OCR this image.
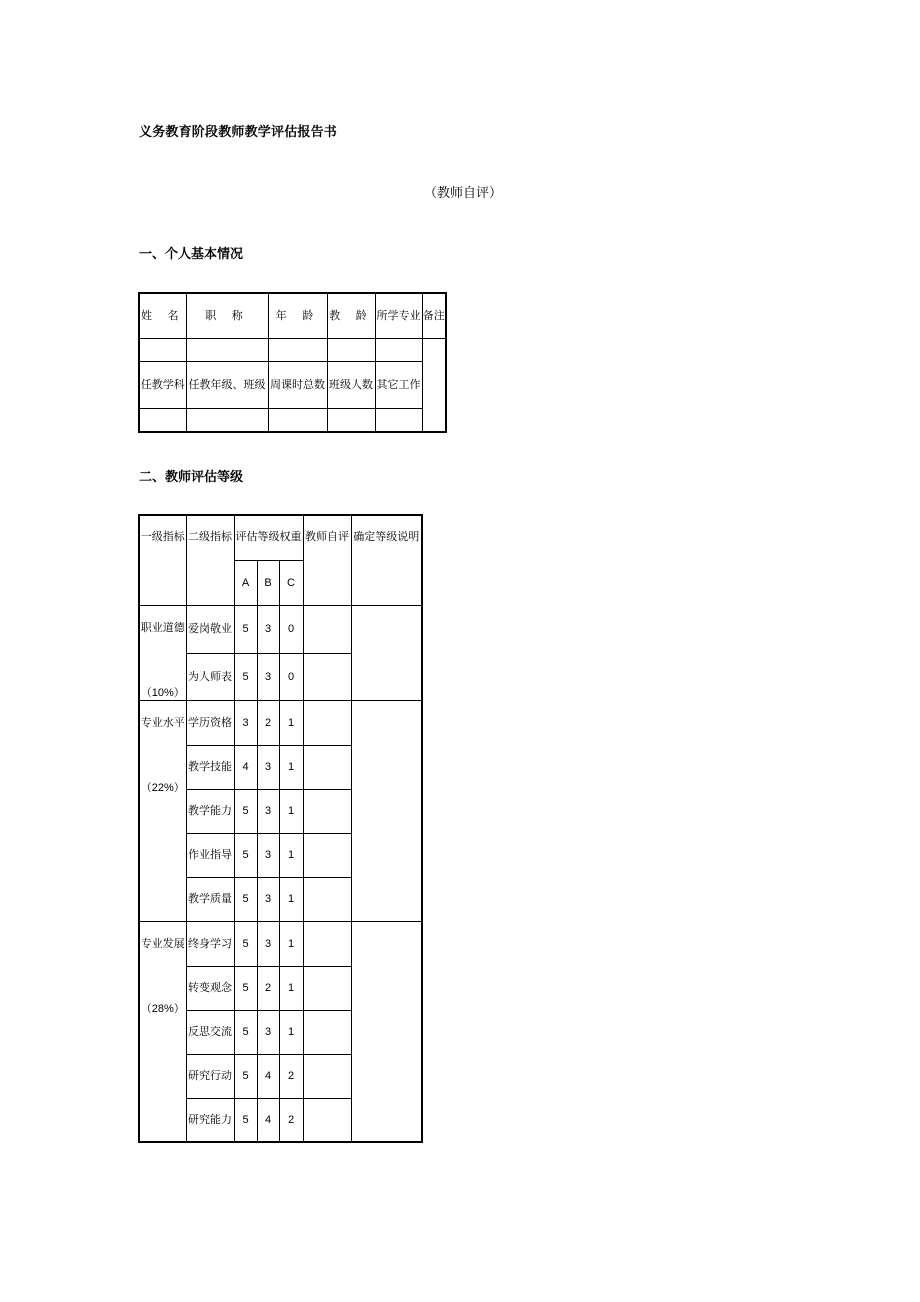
义务教育阶段教师教学评估报告书
（教师自评）
一、个人基本情况
姓 名	职 称	年 龄	教 龄	所学专业	备注

任教学科	任教年级、班级	周课时总数	班级人数	其它工作	

二、教师评估等级
一级指标	二级指标	评估等级权重			教师自评	确定等级说明
		A	B	C		

职业道德
（10%）	爱岗敬业	5	3	0		
	为人师表	5	3	0		

专业水平
（22%）	学历资格	3	2	1		
	教学技能	4	3	1		
	教学能力	5	3	1		
	作业指导	5	3	1		
	教学质量	5	3	1		

专业发展
（28%）	终身学习	5	3	1		
	转变观念	5	2	1		
	反思交流	5	3	1		
	研究行动	5	4	2		
	研究能力	5	4	2		
